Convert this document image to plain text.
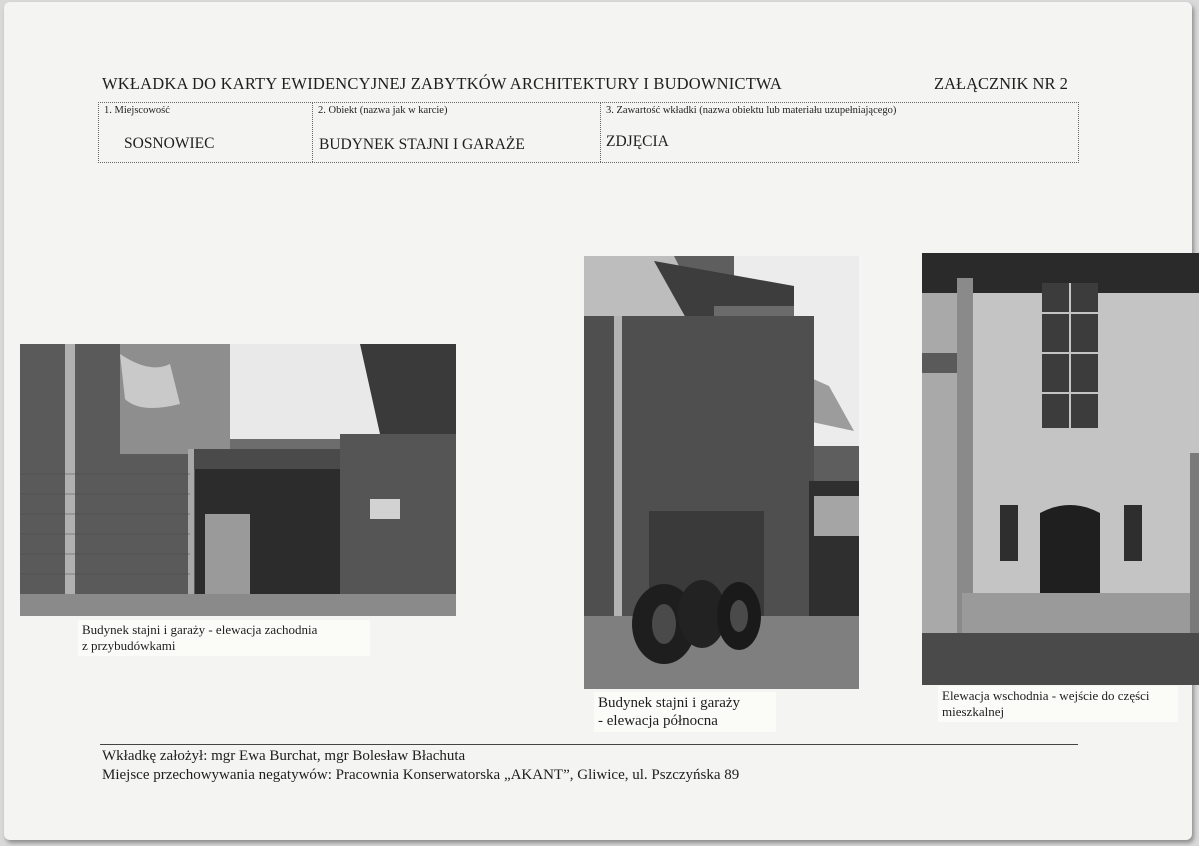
WKŁADKA DO KARTY EWIDENCYJNEJ ZABYTKÓW ARCHITEKTURY I BUDOWNICTWA	ZAŁĄCZNIK NR 2
1. Miejscowość
SOSNOWIEC
2. Obiekt (nazwa jak w karcie)
BUDYNEK STAJNI I GARAŻE
3. Zawartość wkładki (nazwa obiektu lub materiału uzupełniającego)
ZDJĘCIA
Budynek stajni i garaży - elewacja zachodnia
z przybudówkami
Budynek stajni i garaży
- elewacja północna
Elewacja wschodnia - wejście do części
mieszkalnej
Wkładkę założył: mgr Ewa Burchat, mgr Bolesław Błachuta
Miejsce przechowywania negatywów: Pracownia Konserwatorska „AKANT”, Gliwice, ul. Pszczyńska 89
